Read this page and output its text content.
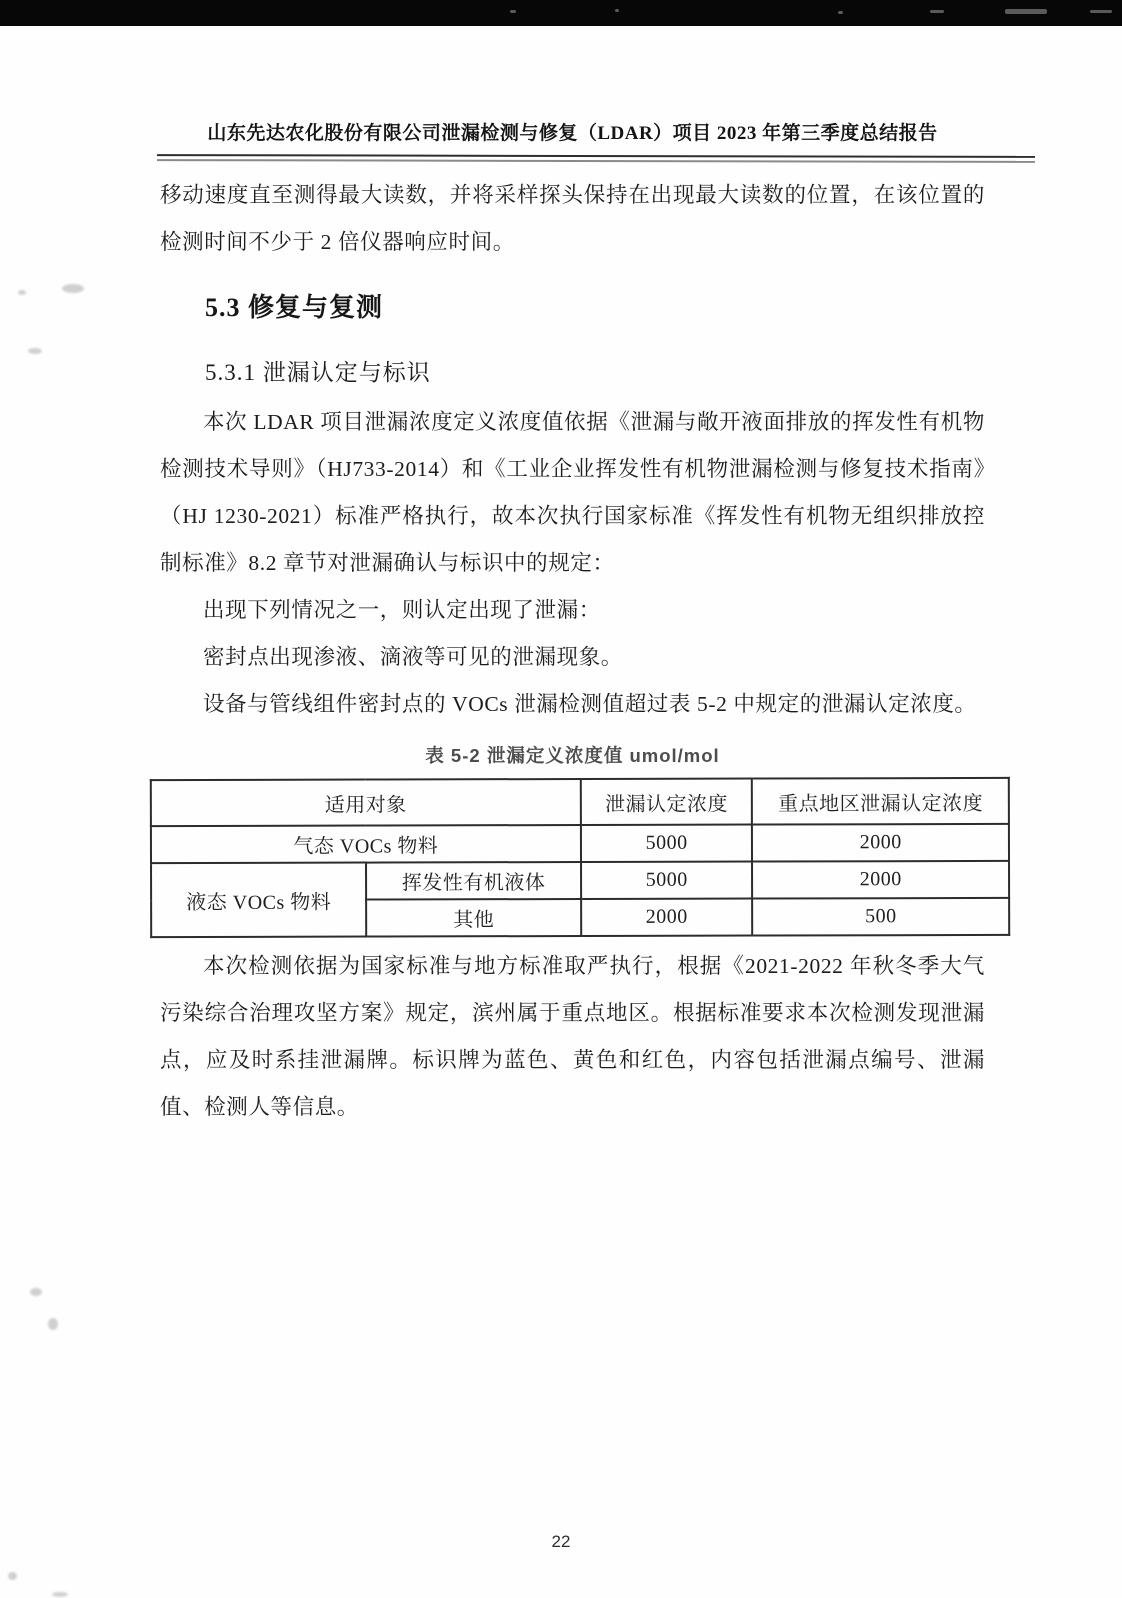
山东先达农化股份有限公司泄漏检测与修复（LDAR）项目 2023 年第三季度总结报告

移动速度直至测得最大读数，并将采样探头保持在出现最大读数的位置，在该位置的检测时间不少于 2 倍仪器响应时间。

5.3 修复与复测
5.3.1 泄漏认定与标识

本次 LDAR 项目泄漏浓度定义浓度值依据《泄漏与敞开液面排放的挥发性有机物检测技术导则》（HJ733-2014）和《工业企业挥发性有机物泄漏检测与修复技术指南》（HJ 1230-2021）标准严格执行，故本次执行国家标准《挥发性有机物无组织排放控制标准》8.2 章节对泄漏确认与标识中的规定：

出现下列情况之一，则认定出现了泄漏：

密封点出现渗液、滴液等可见的泄漏现象。

设备与管线组件密封点的 VOCs 泄漏检测值超过表 5-2 中规定的泄漏认定浓度。

表 5-2 泄漏定义浓度值 umol/mol
适用对象		泄漏认定浓度	重点地区泄漏认定浓度
气态 VOCs 物料		5000	2000
液态 VOCs 物料	挥发性有机液体	5000	2000
	其他	2000	500

本次检测依据为国家标准与地方标准取严执行，根据《2021-2022 年秋冬季大气污染综合治理攻坚方案》规定，滨州属于重点地区。根据标准要求本次检测发现泄漏点，应及时系挂泄漏牌。标识牌为蓝色、黄色和红色，内容包括泄漏点编号、泄漏值、检测人等信息。

22
